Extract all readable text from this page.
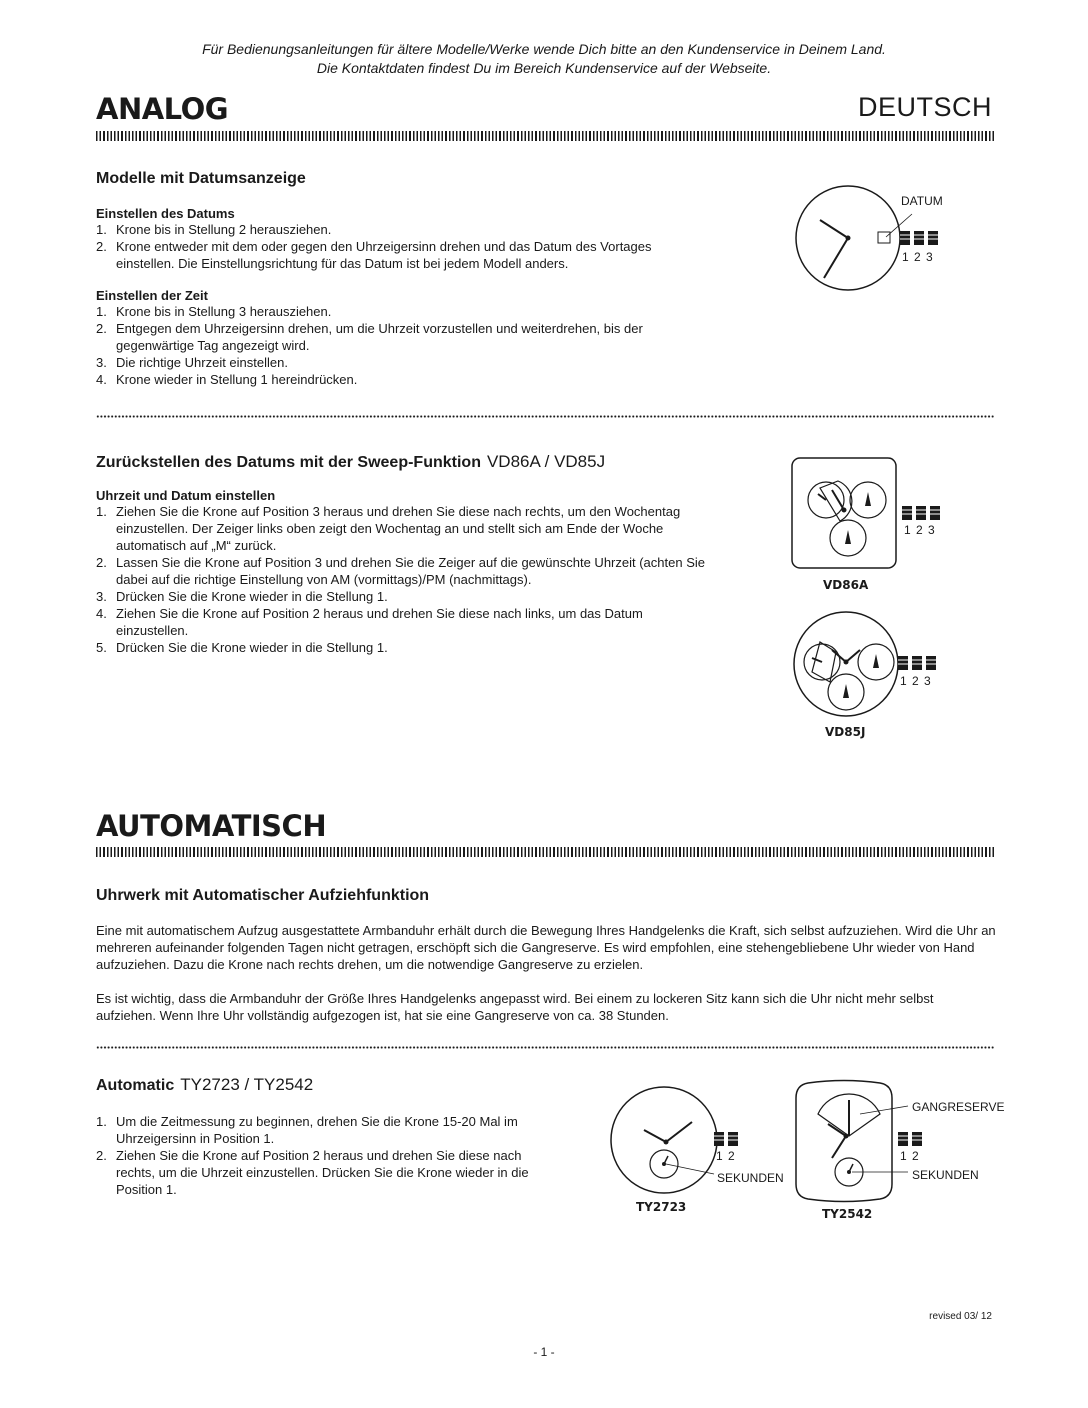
Für Bedienungsanleitungen für ältere Modelle/Werke wende Dich bitte an den Kundenservice in Deinem Land.
Die Kontaktdaten findest Du im Bereich Kundenservice auf der Webseite.
ANALOG	DEUTSCH
Modelle mit Datumsanzeige
Einstellen des Datums
1. Krone bis in Stellung 2 herausziehen.
2. Krone entweder mit dem oder gegen den Uhrzeigersinn drehen und das Datum des Vortages einstellen. Die Einstellungsrichtung für das Datum ist bei jedem Modell anders.
Einstellen der Zeit
1. Krone bis in Stellung 3 herausziehen.
2. Entgegen dem Uhrzeigersinn drehen, um die Uhrzeit vorzustellen und weiterdrehen, bis der gegenwärtige Tag angezeigt wird.
3. Die richtige Uhrzeit einstellen.
4. Krone wieder in Stellung 1 hereindrücken.
DATUM
1 2 3
Zurückstellen des Datums mit der Sweep-Funktion VD86A / VD85J
Uhrzeit und Datum einstellen
1. Ziehen Sie die Krone auf Position 3 heraus und drehen Sie diese nach rechts, um den Wochentag einzustellen. Der Zeiger links oben zeigt den Wochentag an und stellt sich am Ende der Woche automatisch auf „M“ zurück.
2. Lassen Sie die Krone auf Position 3 und drehen Sie die Zeiger auf die gewünschte Uhrzeit (achten Sie dabei auf die richtige Einstellung von AM (vormittags)/PM (nachmittags).
3. Drücken Sie die Krone wieder in die Stellung 1.
4. Ziehen Sie die Krone auf Position 2 heraus und drehen Sie diese nach links, um das Datum einzustellen.
5. Drücken Sie die Krone wieder in die Stellung 1.
1 2 3
VD86A
1 2 3
VD85J
AUTOMATISCH
Uhrwerk mit Automatischer Aufziehfunktion

Eine mit automatischem Aufzug ausgestattete Armbanduhr erhält durch die Bewegung Ihres Handgelenks die Kraft, sich selbst aufzuziehen. Wird die Uhr an mehreren aufeinander folgenden Tagen nicht getragen, erschöpft sich die Gangreserve. Es wird empfohlen, eine stehengebliebene Uhr wieder von Hand aufzuziehen. Dazu die Krone nach rechts drehen, um die notwendige Gangreserve zu erzielen.

Es ist wichtig, dass die Armbanduhr der Größe Ihres Handgelenks angepasst wird. Bei einem zu lockeren Sitz kann sich die Uhr nicht mehr selbst aufziehen. Wenn Ihre Uhr vollständig aufgezogen ist, hat sie eine Gangreserve von ca. 38 Stunden.

Automatic TY2723 / TY2542
1. Um die Zeitmessung zu beginnen, drehen Sie die Krone 15-20 Mal im Uhrzeigersinn in Position 1.
2. Ziehen Sie die Krone auf Position 2 heraus und drehen Sie diese nach rechts, um die Uhrzeit einzustellen. Drücken Sie die Krone wieder in die Position 1.
1 2
SEKUNDEN
TY2723
GANGRESERVE
1 2
SEKUNDEN
TY2542
revised 03/ 12
- 1 -
